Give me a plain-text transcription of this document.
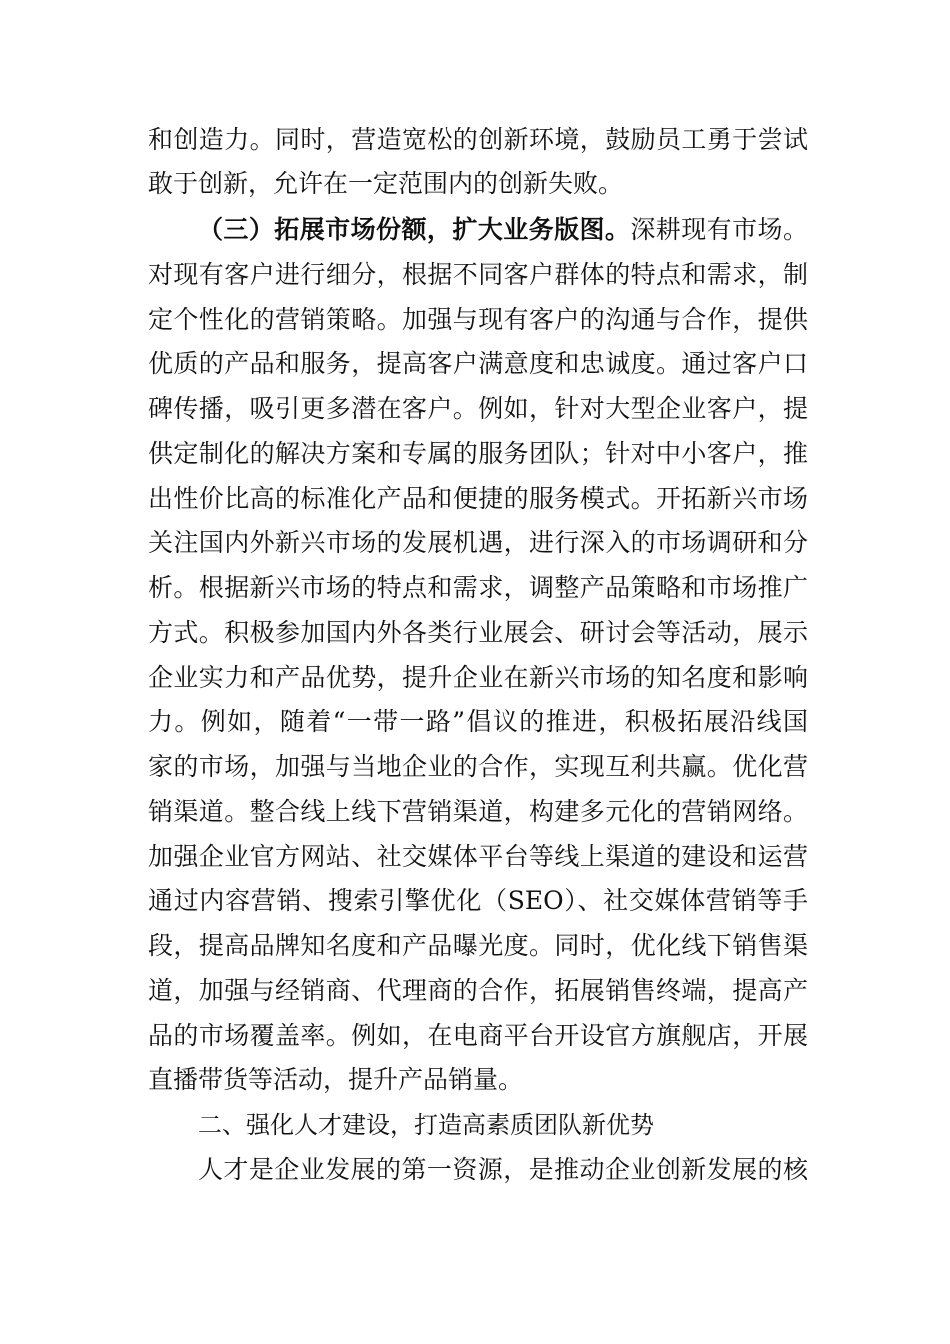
和创造力。同时，营造宽松的创新环境，鼓励员工勇于尝试
敢于创新，允许在一定范围内的创新失败。
（三）拓展市场份额，扩大业务版图。深耕现有市场。
对现有客户进行细分，根据不同客户群体的特点和需求，制
定个性化的营销策略。加强与现有客户的沟通与合作，提供
优质的产品和服务，提高客户满意度和忠诚度。通过客户口
碑传播，吸引更多潜在客户。例如，针对大型企业客户，提
供定制化的解决方案和专属的服务团队；针对中小客户，推
出性价比高的标准化产品和便捷的服务模式。开拓新兴市场
关注国内外新兴市场的发展机遇，进行深入的市场调研和分
析。根据新兴市场的特点和需求，调整产品策略和市场推广
方式。积极参加国内外各类行业展会、研讨会等活动，展示
企业实力和产品优势，提升企业在新兴市场的知名度和影响
力。例如，随着“一带一路”倡议的推进，积极拓展沿线国
家的市场，加强与当地企业的合作，实现互利共赢。优化营
销渠道。整合线上线下营销渠道，构建多元化的营销网络。
加强企业官方网站、社交媒体平台等线上渠道的建设和运营
通过内容营销、搜索引擎优化（SEO）、社交媒体营销等手
段，提高品牌知名度和产品曝光度。同时，优化线下销售渠
道，加强与经销商、代理商的合作，拓展销售终端，提高产
品的市场覆盖率。例如，在电商平台开设官方旗舰店，开展
直播带货等活动，提升产品销量。
二、强化人才建设，打造高素质团队新优势
人才是企业发展的第一资源，是推动企业创新发展的核
